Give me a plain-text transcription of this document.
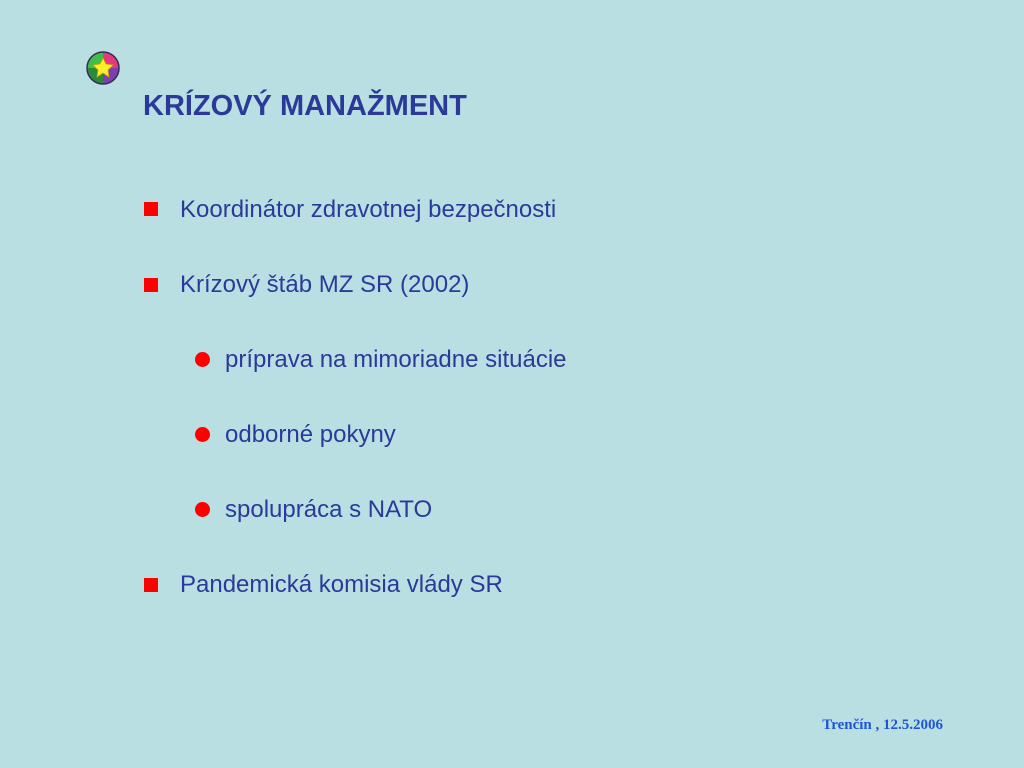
KRÍZOVÝ MANAŽMENT
Koordinátor zdravotnej bezpečnosti
Krízový štáb MZ SR (2002)
príprava na mimoriadne situácie
odborné pokyny
spolupráca s NATO
Pandemická komisia vlády SR
Trenčín , 12.5.2006
